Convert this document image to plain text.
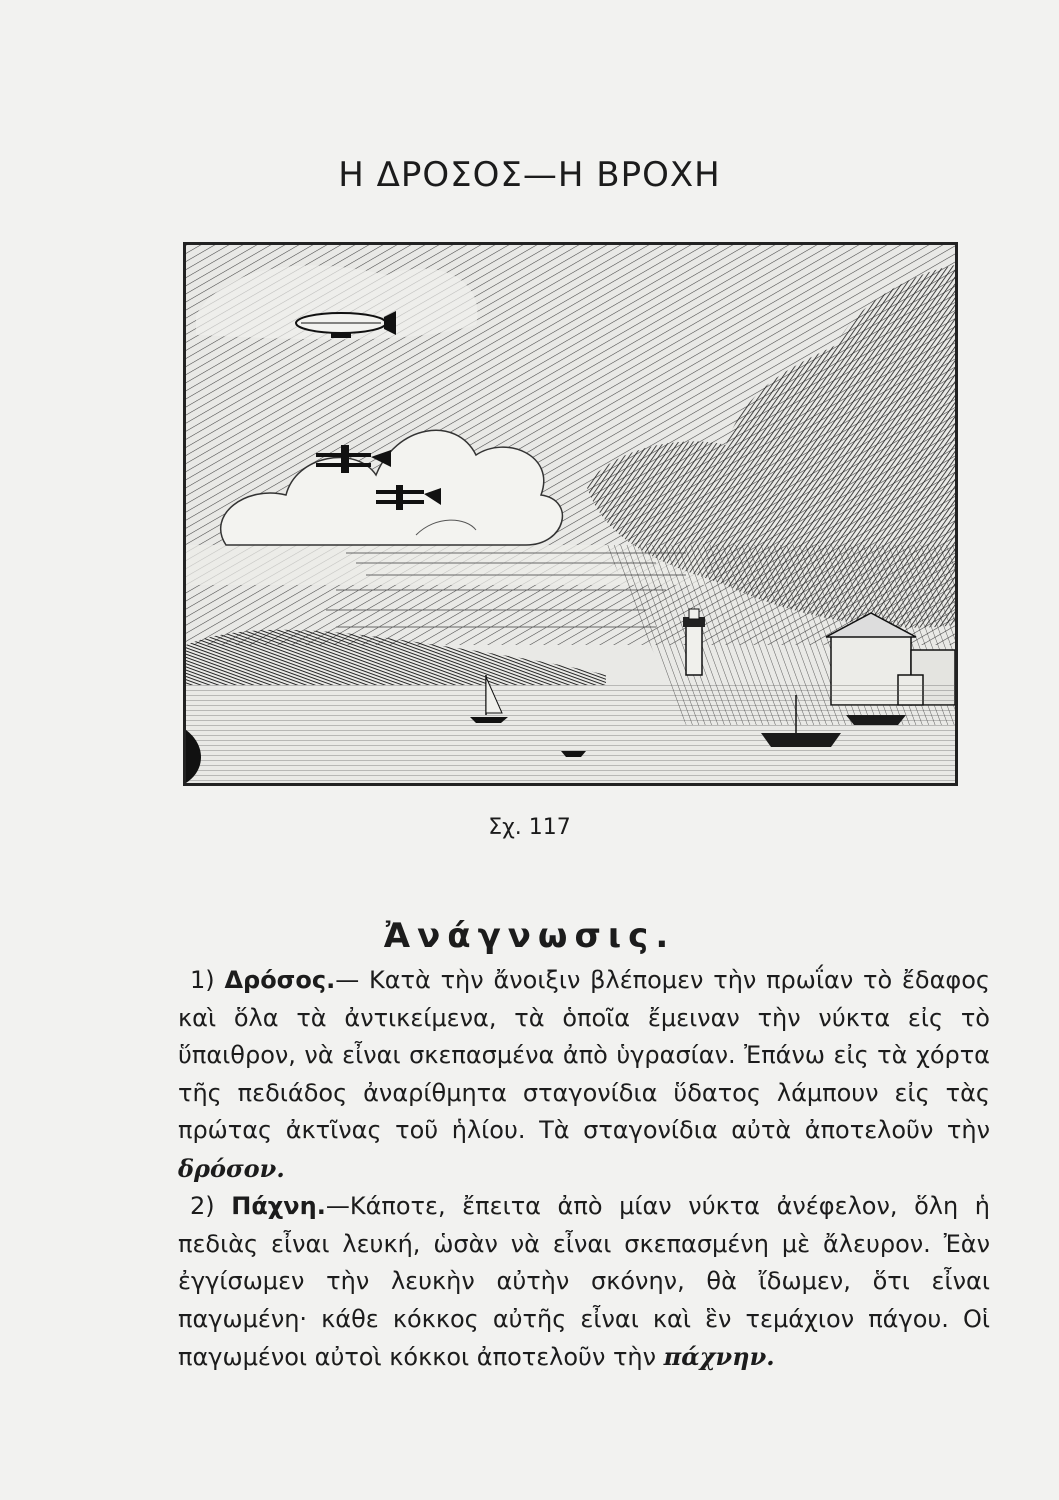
Η ΔΡΟΣΟΣ—Η ΒΡΟΧΗ
Σχ. 117
Ἀνάγνωσις.

1) Δρόσος.— Κατὰ τὴν ἄνοιξιν βλέπομεν τὴν πρωΐαν τὸ ἔδαφος καὶ ὅλα τὰ ἀντικείμενα, τὰ ὁποῖα ἔμειναν τὴν νύκτα εἰς τὸ ὕπαιθρον, νὰ εἶναι σκεπασμένα ἀπὸ ὑγρασίαν. Ἐπάνω εἰς τὰ χόρτα τῆς πεδιάδος ἀναρίθμητα σταγονίδια ὕδατος λάμπουν εἰς τὰς πρώτας ἀκτῖνας τοῦ ἡλίου. Τὰ σταγονίδια αὐτὰ ἀποτελοῦν τὴν δρόσον.

2) Πάχνη.—Κάποτε, ἔπειτα ἀπὸ μίαν νύκτα ἀνέφελον, ὅλη ἡ πεδιὰς εἶναι λευκή, ὡσὰν νὰ εἶναι σκεπασμένη μὲ ἄλευρον. Ἐὰν ἐγγίσωμεν τὴν λευκὴν αὐτὴν σκόνην, θὰ ἴδωμεν, ὅτι εἶναι παγωμένη· κάθε κόκκος αὐτῆς εἶναι καὶ ἓν τεμάχιον πάγου. Οἱ παγωμένοι αὐτοὶ κόκκοι ἀποτελοῦν τὴν πάχνην.
